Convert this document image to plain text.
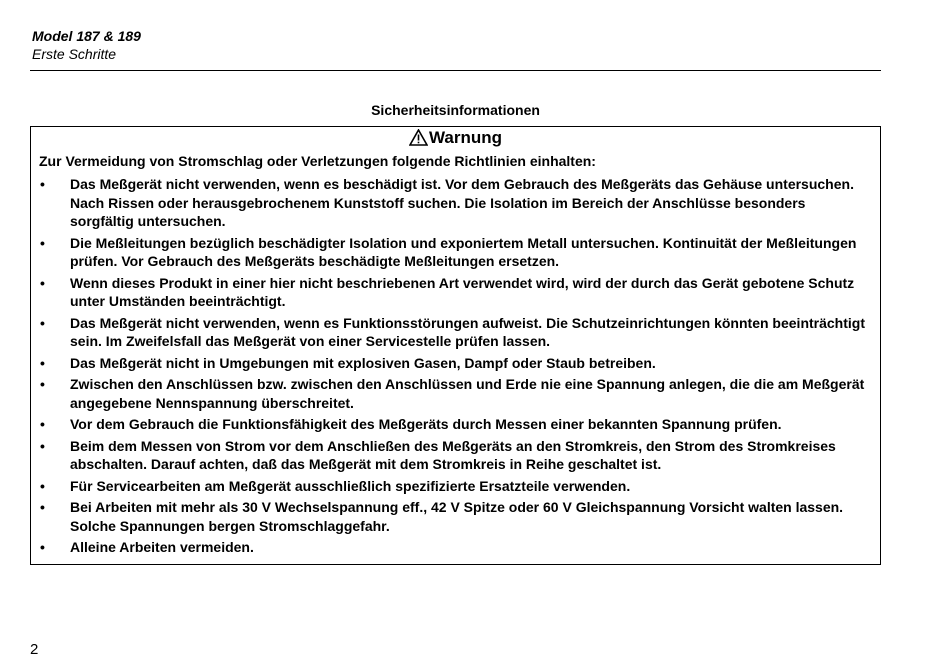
Model 187 & 189
Erste Schritte
Sicherheitsinformationen
Warnung
Zur Vermeidung von Stromschlag oder Verletzungen folgende Richtlinien einhalten:
• Das Meßgerät nicht verwenden, wenn es beschädigt ist. Vor dem Gebrauch des Meßgeräts das Gehäuse untersuchen. Nach Rissen oder herausgebrochenem Kunststoff suchen. Die Isolation im Bereich der Anschlüsse besonders sorgfältig untersuchen.
• Die Meßleitungen bezüglich beschädigter Isolation und exponiertem Metall untersuchen. Kontinuität der Meßleitungen prüfen. Vor Gebrauch des Meßgeräts beschädigte Meßleitungen ersetzen.
• Wenn dieses Produkt in einer hier nicht beschriebenen Art verwendet wird, wird der durch das Gerät gebotene Schutz unter Umständen beeinträchtigt.
• Das Meßgerät nicht verwenden, wenn es Funktionsstörungen aufweist. Die Schutzeinrichtungen könnten beeinträchtigt sein. Im Zweifelsfall das Meßgerät von einer Servicestelle prüfen lassen.
• Das Meßgerät nicht in Umgebungen mit explosiven Gasen, Dampf oder Staub betreiben.
• Zwischen den Anschlüssen bzw. zwischen den Anschlüssen und Erde nie eine Spannung anlegen, die die am Meßgerät angegebene Nennspannung überschreitet.
• Vor dem Gebrauch die Funktionsfähigkeit des Meßgeräts durch Messen einer bekannten Spannung prüfen.
• Beim dem Messen von Strom vor dem Anschließen des Meßgeräts an den Stromkreis, den Strom des Stromkreises abschalten. Darauf achten, daß das Meßgerät mit dem Stromkreis in Reihe geschaltet ist.
• Für Servicearbeiten am Meßgerät ausschließlich spezifizierte Ersatzteile verwenden.
• Bei Arbeiten mit mehr als 30 V Wechselspannung eff., 42 V Spitze oder 60 V Gleichspannung Vorsicht walten lassen. Solche Spannungen bergen Stromschlaggefahr.
• Alleine Arbeiten vermeiden.
2
